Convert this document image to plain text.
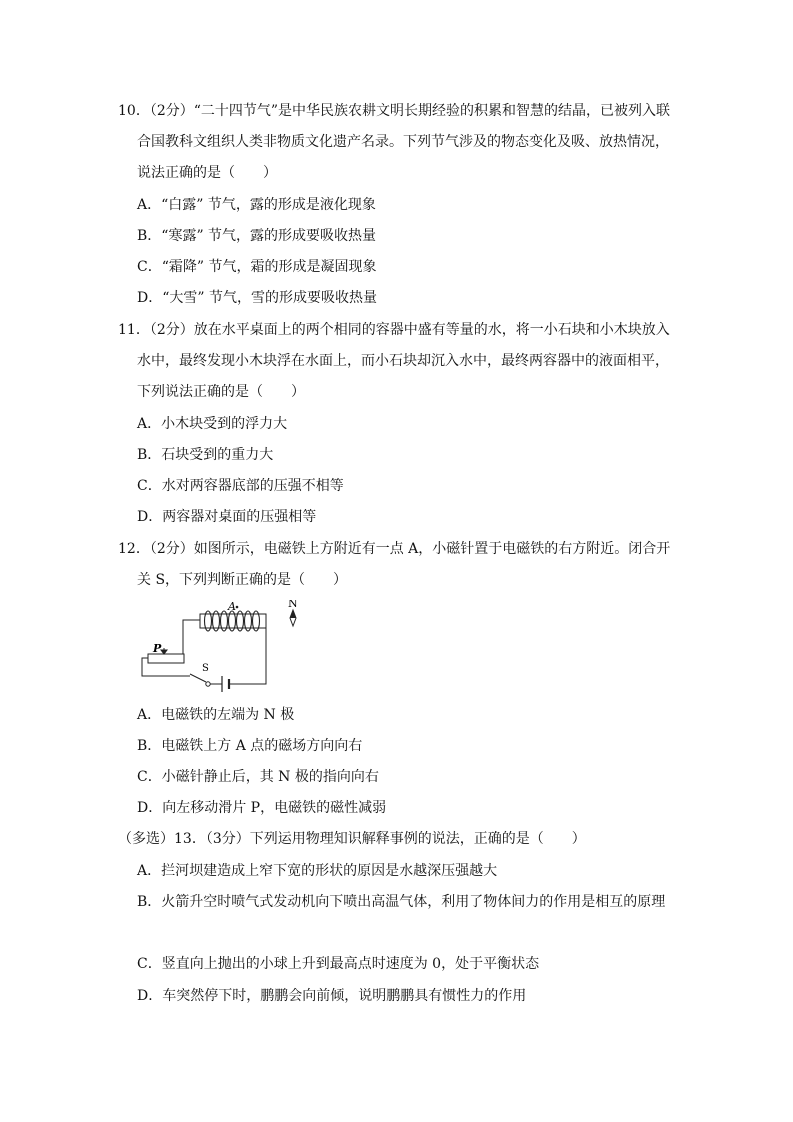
10．（2分）“二十四节气”是中华民族农耕文明长期经验的积累和智慧的结晶，已被列入联
合国教科文组织人类非物质文化遗产名录。下列节气涉及的物态变化及吸、放热情况，
说法正确的是（　　）
A．“白露” 节气，露的形成是液化现象
B．“寒露” 节气，露的形成要吸收热量
C．“霜降” 节气，霜的形成是凝固现象
D．“大雪” 节气，雪的形成要吸收热量
11．（2分）放在水平桌面上的两个相同的容器中盛有等量的水，将一小石块和小木块放入
水中，最终发现小木块浮在水面上，而小石块却沉入水中，最终两容器中的液面相平，
下列说法正确的是（　　）
A．小木块受到的浮力大
B．石块受到的重力大
C．水对两容器底部的压强不相等
D．两容器对桌面的压强相等
12．（2分）如图所示，电磁铁上方附近有一点 A，小磁针置于电磁铁的右方附近。闭合开
关 S，下列判断正确的是（　　）
A	N
P
S
A．电磁铁的左端为 N 极
B．电磁铁上方 A 点的磁场方向向右
C．小磁针静止后，其 N 极的指向向右
D．向左移动滑片 P，电磁铁的磁性减弱
（多选）13．（3分）下列运用物理知识解释事例的说法，正确的是（　　）
A．拦河坝建造成上窄下宽的形状的原因是水越深压强越大
B．火箭升空时喷气式发动机向下喷出高温气体，利用了物体间力的作用是相互的原理
C．竖直向上抛出的小球上升到最高点时速度为 0，处于平衡状态
D．车突然停下时，鹏鹏会向前倾，说明鹏鹏具有惯性力的作用
